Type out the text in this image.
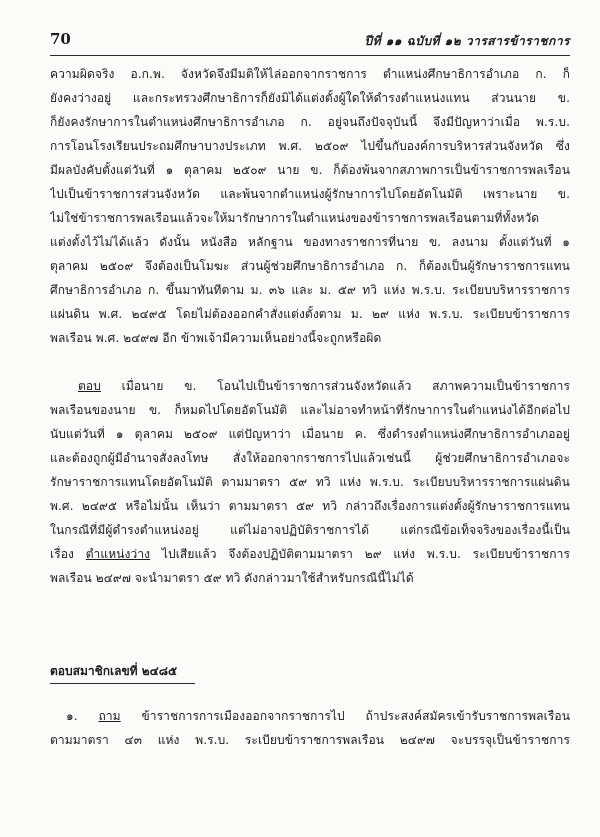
70	ปีที่ ๑๑ ฉบับที่ ๑๒ วารสารข้าราชการ
ความผิดจริง อ.ก.พ. จังหวัดจึงมีมติให้ไล่ออกจากราชการ ตำแหน่งศึกษาธิการอำเภอ ก. ก็
ยังคงว่างอยู่ และกระทรวงศึกษาธิการก็ยังมิได้แต่งตั้งผู้ใดให้ดำรงตำแหน่งแทน ส่วนนาย ข.
ก็ยังคงรักษาการในตำแหน่งศึกษาธิการอำเภอ ก. อยู่จนถึงปัจจุบันนี้ จึงมีปัญหาว่าเมื่อ พ.ร.บ.
การโอนโรงเรียนประถมศึกษาบางประเภท พ.ศ. ๒๕๐๙ ไปขึ้นกับองค์การบริหารส่วนจังหวัด ซึ่ง
มีผลบังคับตั้งแต่วันที่ ๑ ตุลาคม ๒๕๐๙ นาย ข. ก็ต้องพ้นจากสภาพการเป็นข้าราชการพลเรือน
ไปเป็นข้าราชการส่วนจังหวัด และพ้นจากตำแหน่งผู้รักษาการไปโดยอัตโนมัติ เพราะนาย ข.
ไม่ใช่ข้าราชการพลเรือนแล้วจะให้มารักษาการในตำแหน่งของข้าราชการพลเรือนตามที่ทั้งหวัด
แต่งตั้งไว้ไม่ได้แล้ว ดังนั้น หนังสือ หลักฐาน ของทางราชการที่นาย ข. ลงนาม ตั้งแต่วันที่ ๑
ตุลาคม ๒๕๐๙ จึงต้องเป็นโมฆะ ส่วนผู้ช่วยศึกษาธิการอำเภอ ก. ก็ต้องเป็นผู้รักษาราชการแทน
ศึกษาธิการอำเภอ ก. ขึ้นมาทันทีตาม ม. ๓๖ และ ม. ๕๙ ทวิ แห่ง พ.ร.บ. ระเบียบบริหารราชการ
แผ่นดิน พ.ศ. ๒๔๙๕ โดยไม่ต้องออกคำสั่งแต่งตั้งตาม ม. ๒๙ แห่ง พ.ร.บ. ระเบียบข้าราชการ
พลเรือน พ.ศ. ๒๔๙๗ อีก ข้าพเจ้ามีความเห็นอย่างนี้จะถูกหรือผิด
ตอบ เมื่อนาย ข. โอนไปเป็นข้าราชการส่วนจังหวัดแล้ว สภาพความเป็นข้าราชการ
พลเรือนของนาย ข. ก็หมดไปโดยอัตโนมัติ และไม่อาจทำหน้าที่รักษาการในตำแหน่งได้อีกต่อไป
นับแต่วันที่ ๑ ตุลาคม ๒๕๐๙ แต่ปัญหาว่า เมื่อนาย ค. ซึ่งดำรงตำแหน่งศึกษาธิการอำเภออยู่
และต้องถูกผู้มีอำนาจสั่งลงโทษ สั่งให้ออกจากราชการไปแล้วเช่นนี้ ผู้ช่วยศึกษาธิการอำเภอจะ
รักษาราชการแทนโดยอัตโนมัติ ตามมาตรา ๕๙ ทวิ แห่ง พ.ร.บ. ระเบียบบริหารราชการแผ่นดิน
พ.ศ. ๒๔๙๕ หรือไม่นั้น เห็นว่า ตามมาตรา ๕๙ ทวิ กล่าวถึงเรื่องการแต่งตั้งผู้รักษาราชการแทน
ในกรณีที่มีผู้ดำรงตำแหน่งอยู่ แต่ไม่อาจปฏิบัติราชการได้ แต่กรณีข้อเท็จจริงของเรื่องนี้เป็น
เรื่อง ตำแหน่งว่าง ไปเสียแล้ว จึงต้องปฏิบัติตามมาตรา ๒๙ แห่ง พ.ร.บ. ระเบียบข้าราชการ
พลเรือน ๒๔๙๗ จะนำมาตรา ๕๙ ทวิ ดังกล่าวมาใช้สำหรับกรณีนี้ไม่ได้
ตอบสมาชิกเลขที่ ๒๔๘๕
๑. ถาม ข้าราชการการเมืองออกจากราชการไป ถ้าประสงค์สมัครเข้ารับราชการพลเรือน
ตามมาตรา ๔๓ แห่ง พ.ร.บ. ระเบียบข้าราชการพลเรือน ๒๔๙๗ จะบรรจุเป็นข้าราชการ
